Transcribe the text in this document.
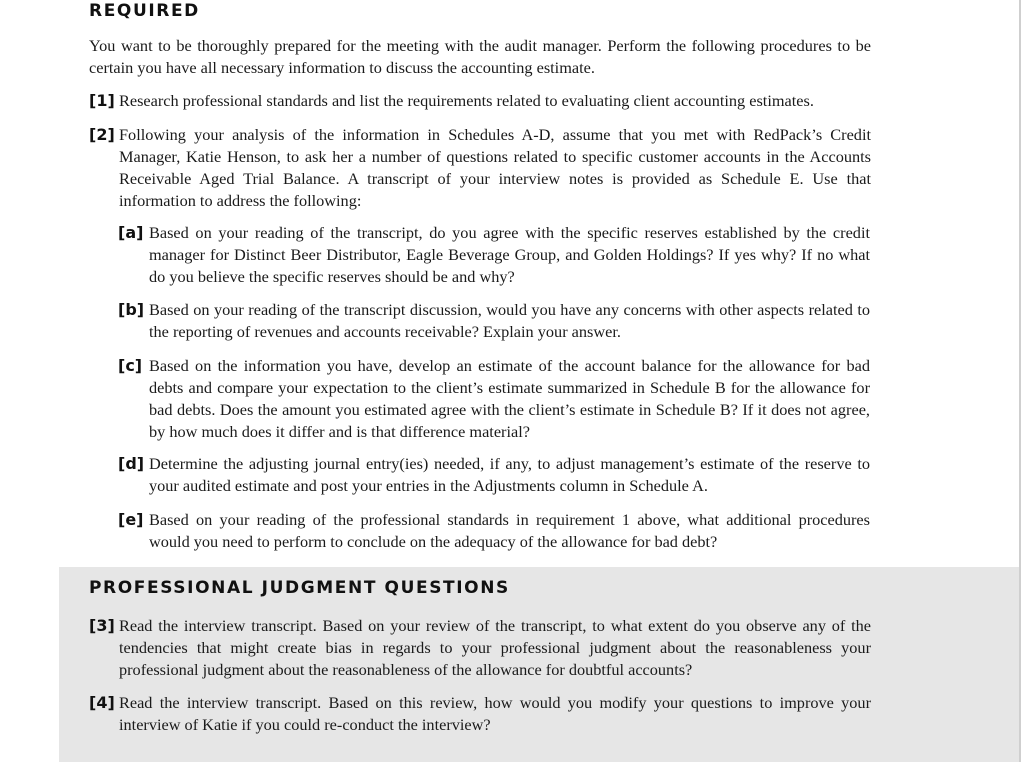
REQUIRED

You want to be thoroughly prepared for the meeting with the audit manager. Perform the following procedures to be certain you have all necessary information to discuss the accounting estimate.

[1] Research professional standards and list the requirements related to evaluating client accounting estimates.
[2] Following your analysis of the information in Schedules A-D, assume that you met with RedPack’s Credit Manager, Katie Henson, to ask her a number of questions related to specific customer accounts in the Accounts Receivable Aged Trial Balance. A transcript of your interview notes is provided as Schedule E. Use that information to address the following:
[a] Based on your reading of the transcript, do you agree with the specific reserves established by the credit manager for Distinct Beer Distributor, Eagle Beverage Group, and Golden Holdings? If yes why? If no what do you believe the specific reserves should be and why?
[b] Based on your reading of the transcript discussion, would you have any concerns with other aspects related to the reporting of revenues and accounts receivable? Explain your answer.
[c] Based on the information you have, develop an estimate of the account balance for the allowance for bad debts and compare your expectation to the client’s estimate summarized in Schedule B for the allowance for bad debts. Does the amount you estimated agree with the client’s estimate in Schedule B? If it does not agree, by how much does it differ and is that difference material?
[d] Determine the adjusting journal entry(ies) needed, if any, to adjust management’s estimate of the reserve to your audited estimate and post your entries in the Adjustments column in Schedule A.
[e] Based on your reading of the professional standards in requirement 1 above, what additional procedures would you need to perform to conclude on the adequacy of the allowance for bad debt?
PROFESSIONAL JUDGMENT QUESTIONS
[3] Read the interview transcript. Based on your review of the transcript, to what extent do you observe any of the tendencies that might create bias in regards to your professional judgment about the reasonableness your professional judgment about the reasonableness of the allowance for doubtful accounts?
[4] Read the interview transcript. Based on this review, how would you modify your questions to improve your interview of Katie if you could re-conduct the interview?
